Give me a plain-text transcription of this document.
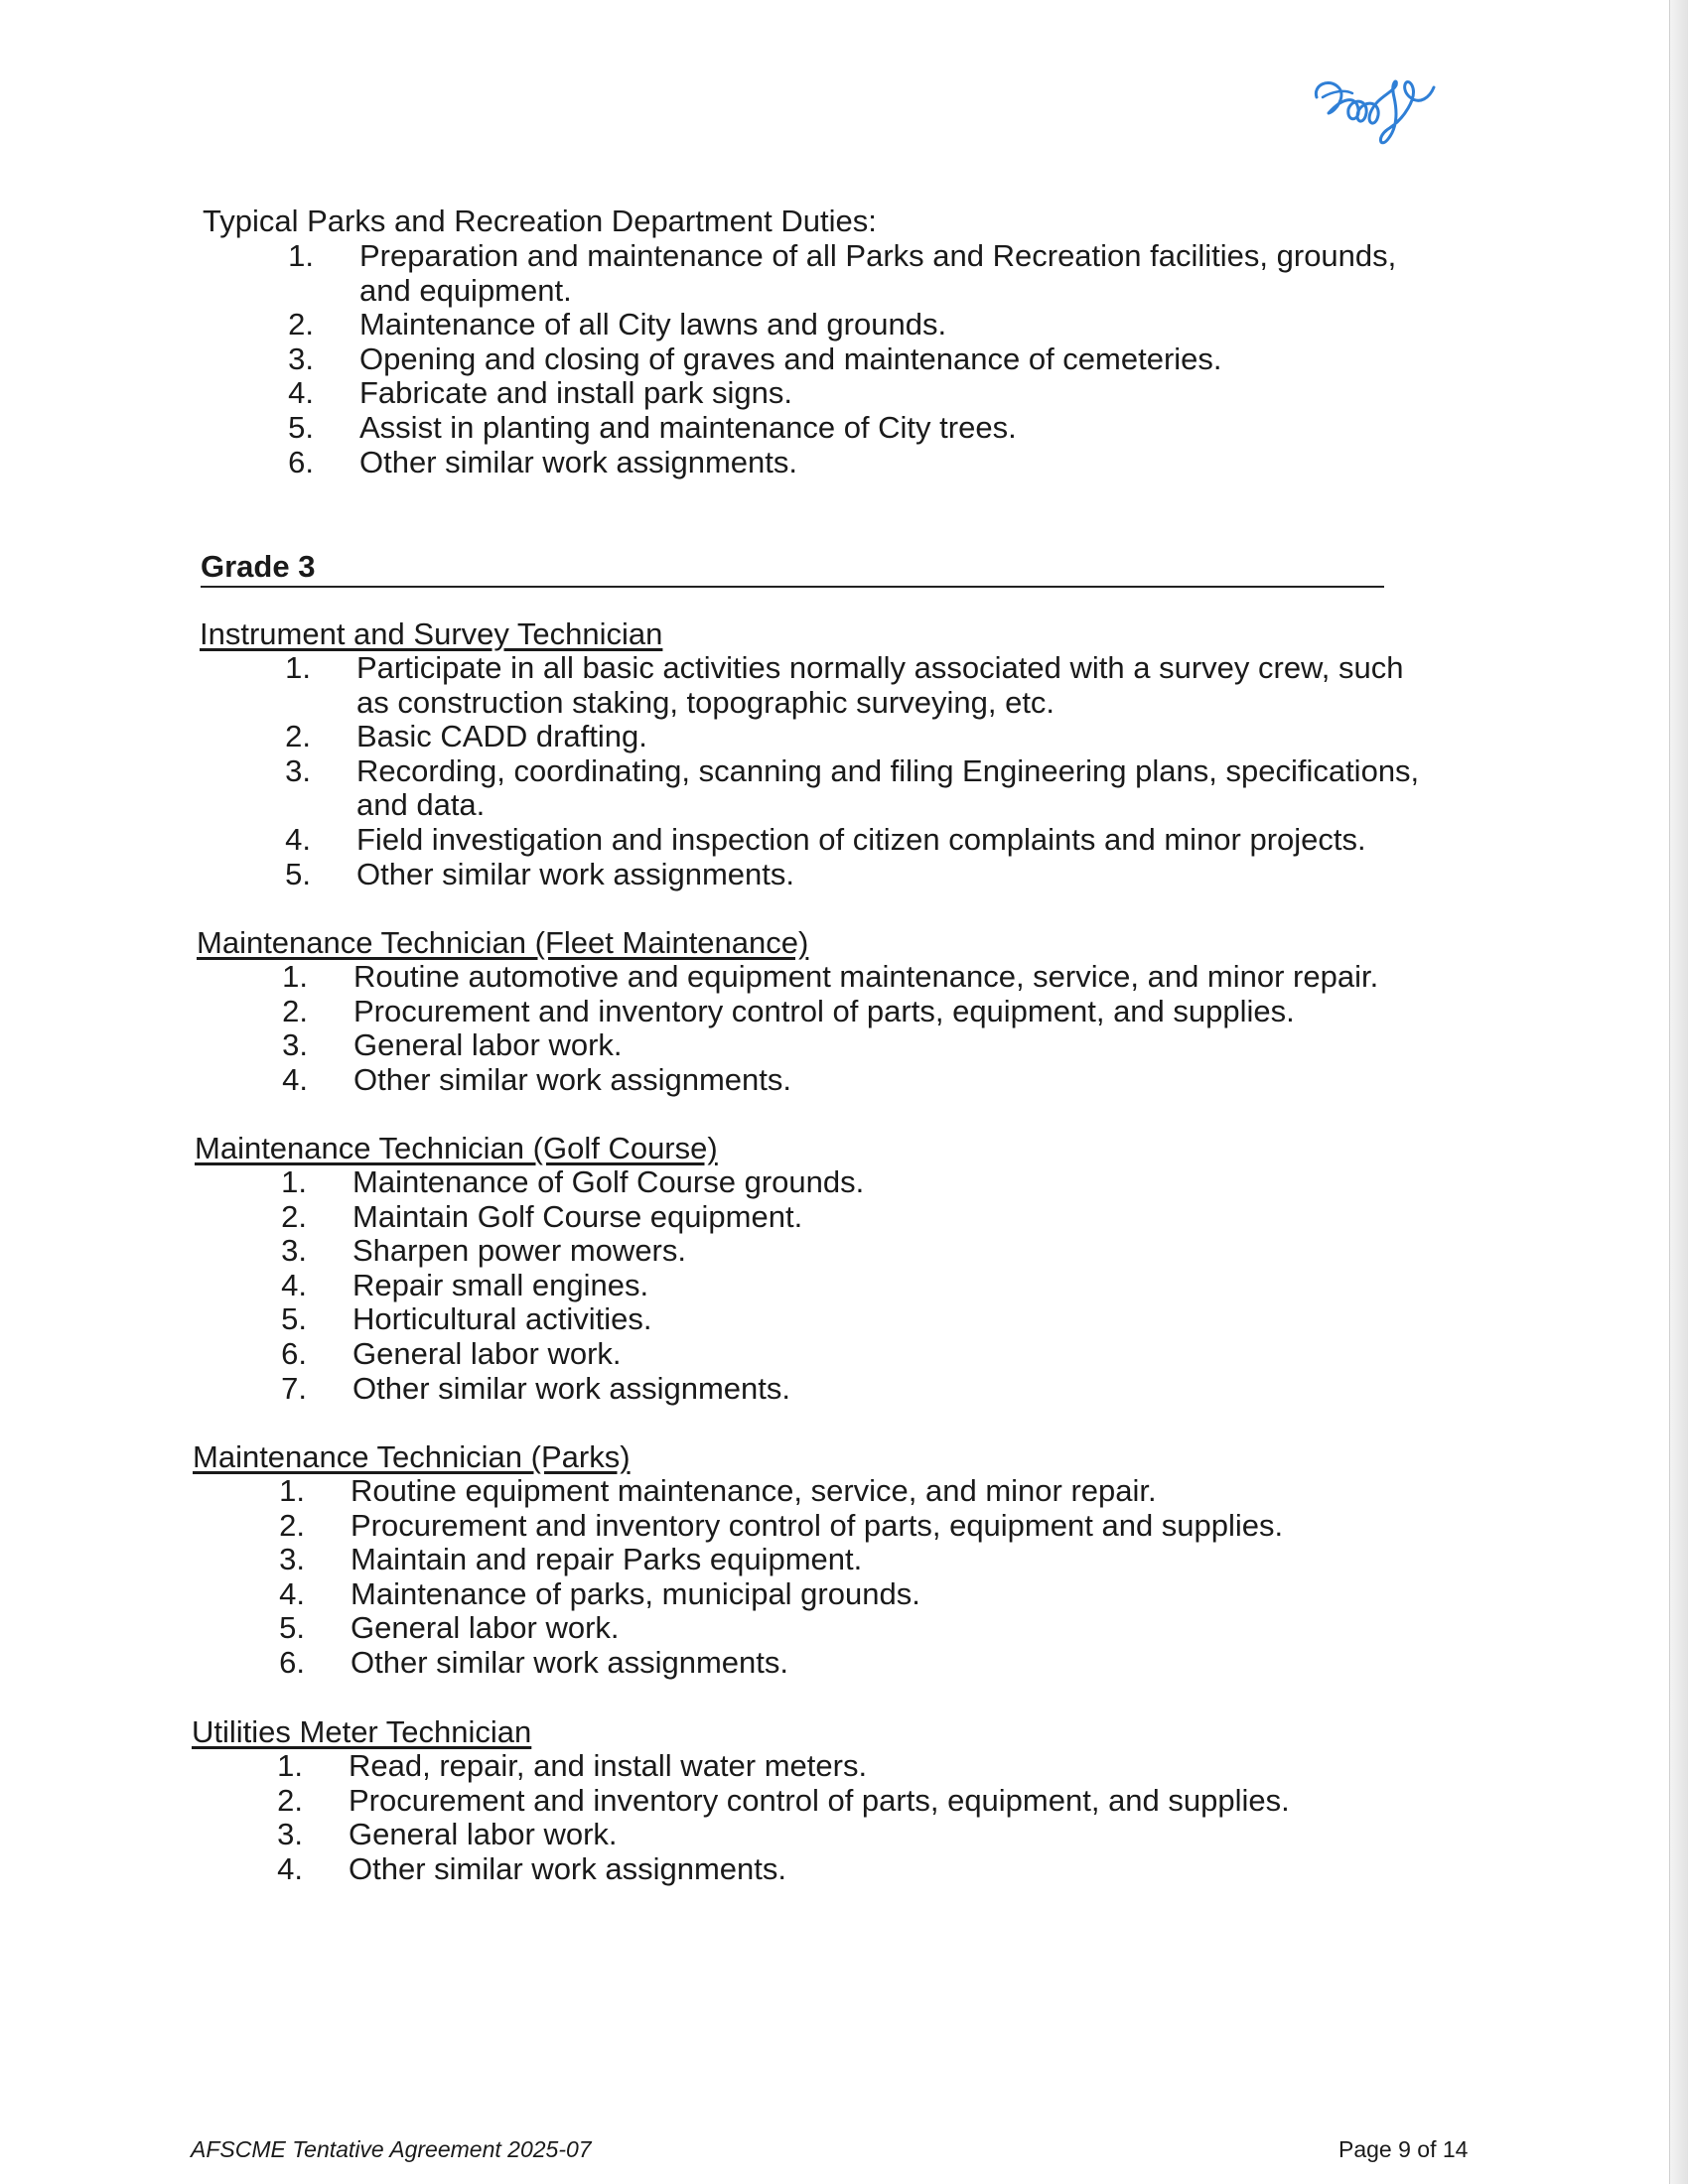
Typical Parks and Recreation Department Duties:
1. Preparation and maintenance of all Parks and Recreation facilities, grounds,
and equipment.
2. Maintenance of all City lawns and grounds.
3. Opening and closing of graves and maintenance of cemeteries.
4. Fabricate and install park signs.
5. Assist in planting and maintenance of City trees.
6. Other similar work assignments.
Grade 3
Instrument and Survey Technician
1. Participate in all basic activities normally associated with a survey crew, such
as construction staking, topographic surveying, etc.
2. Basic CADD drafting.
3. Recording, coordinating, scanning and filing Engineering plans, specifications,
and data.
4. Field investigation and inspection of citizen complaints and minor projects.
5. Other similar work assignments.
Maintenance Technician (Fleet Maintenance)
1. Routine automotive and equipment maintenance, service, and minor repair.
2. Procurement and inventory control of parts, equipment, and supplies.
3. General labor work.
4. Other similar work assignments.
Maintenance Technician (Golf Course)
1. Maintenance of Golf Course grounds.
2. Maintain Golf Course equipment.
3. Sharpen power mowers.
4. Repair small engines.
5. Horticultural activities.
6. General labor work.
7. Other similar work assignments.
Maintenance Technician (Parks)
1. Routine equipment maintenance, service, and minor repair.
2. Procurement and inventory control of parts, equipment and supplies.
3. Maintain and repair Parks equipment.
4. Maintenance of parks, municipal grounds.
5. General labor work.
6. Other similar work assignments.
Utilities Meter Technician
1. Read, repair, and install water meters.
2. Procurement and inventory control of parts, equipment, and supplies.
3. General labor work.
4. Other similar work assignments.
AFSCME Tentative Agreement 2025-07	Page 9 of 14
